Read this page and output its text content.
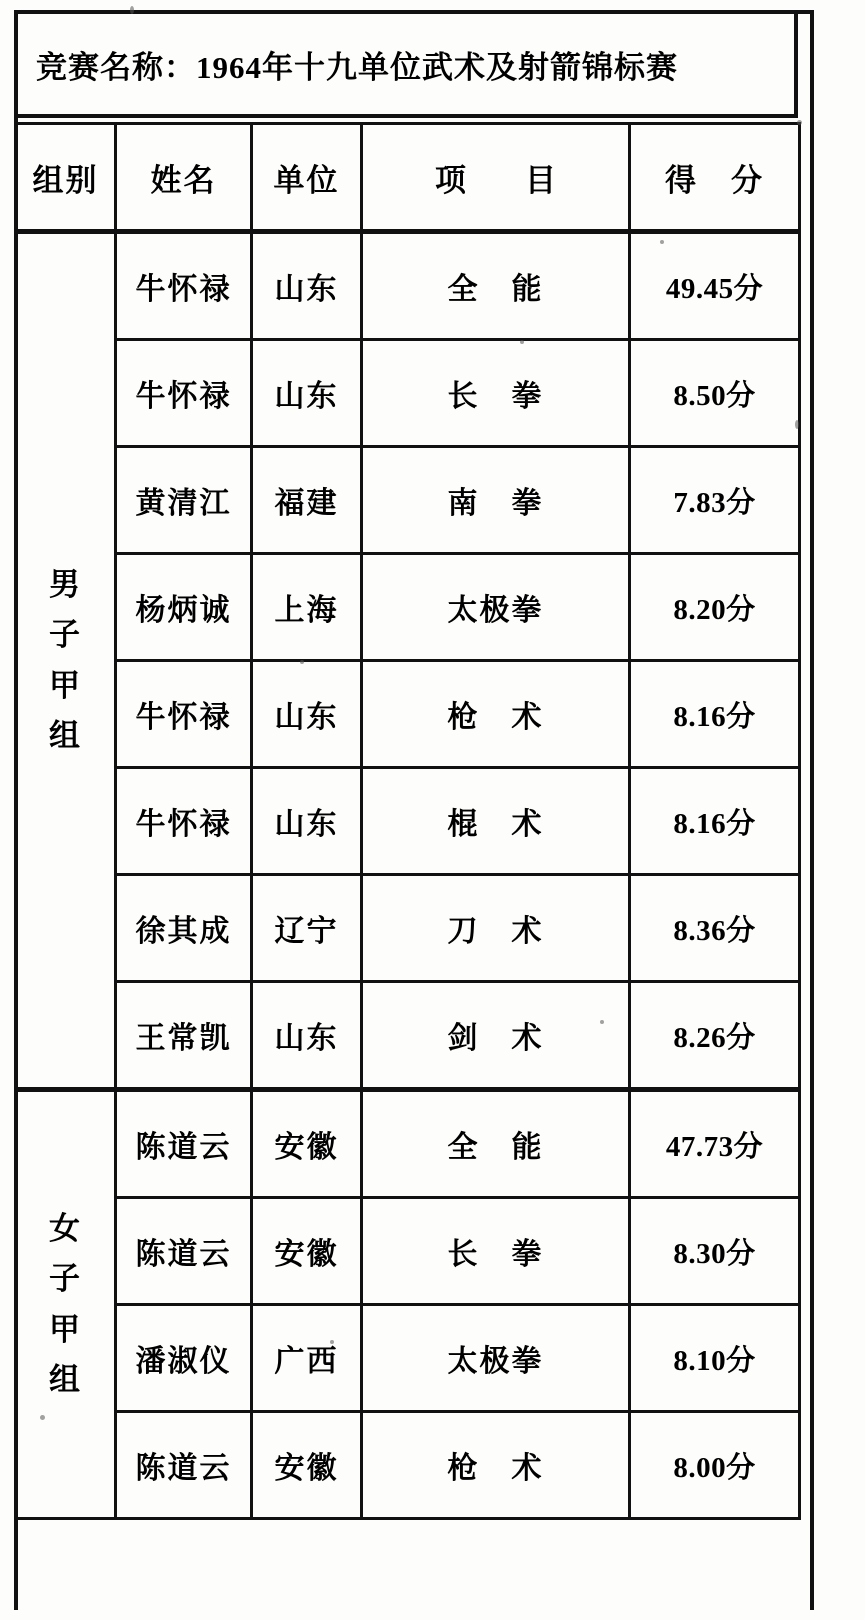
竞赛名称：1964年十九单位武术及射箭锦标赛
组别	姓名	单位	项　目	得　分

男
子
甲
组	牛怀禄	山东	全　能	49.45分
	牛怀禄	山东	长　拳	8.50分
	黄清江	福建	南　拳	7.83分
	杨炳诚	上海	太极拳	8.20分
	牛怀禄	山东	枪　术	8.16分
	牛怀禄	山东	棍　术	8.16分
	徐其成	辽宁	刀　术	8.36分
	王常凯	山东	剑　术	8.26分

女
子
甲
组	陈道云	安徽	全　能	47.73分
	陈道云	安徽	长　拳	8.30分
	潘淑仪	广西	太极拳	8.10分
	陈道云	安徽	枪　术	8.00分
